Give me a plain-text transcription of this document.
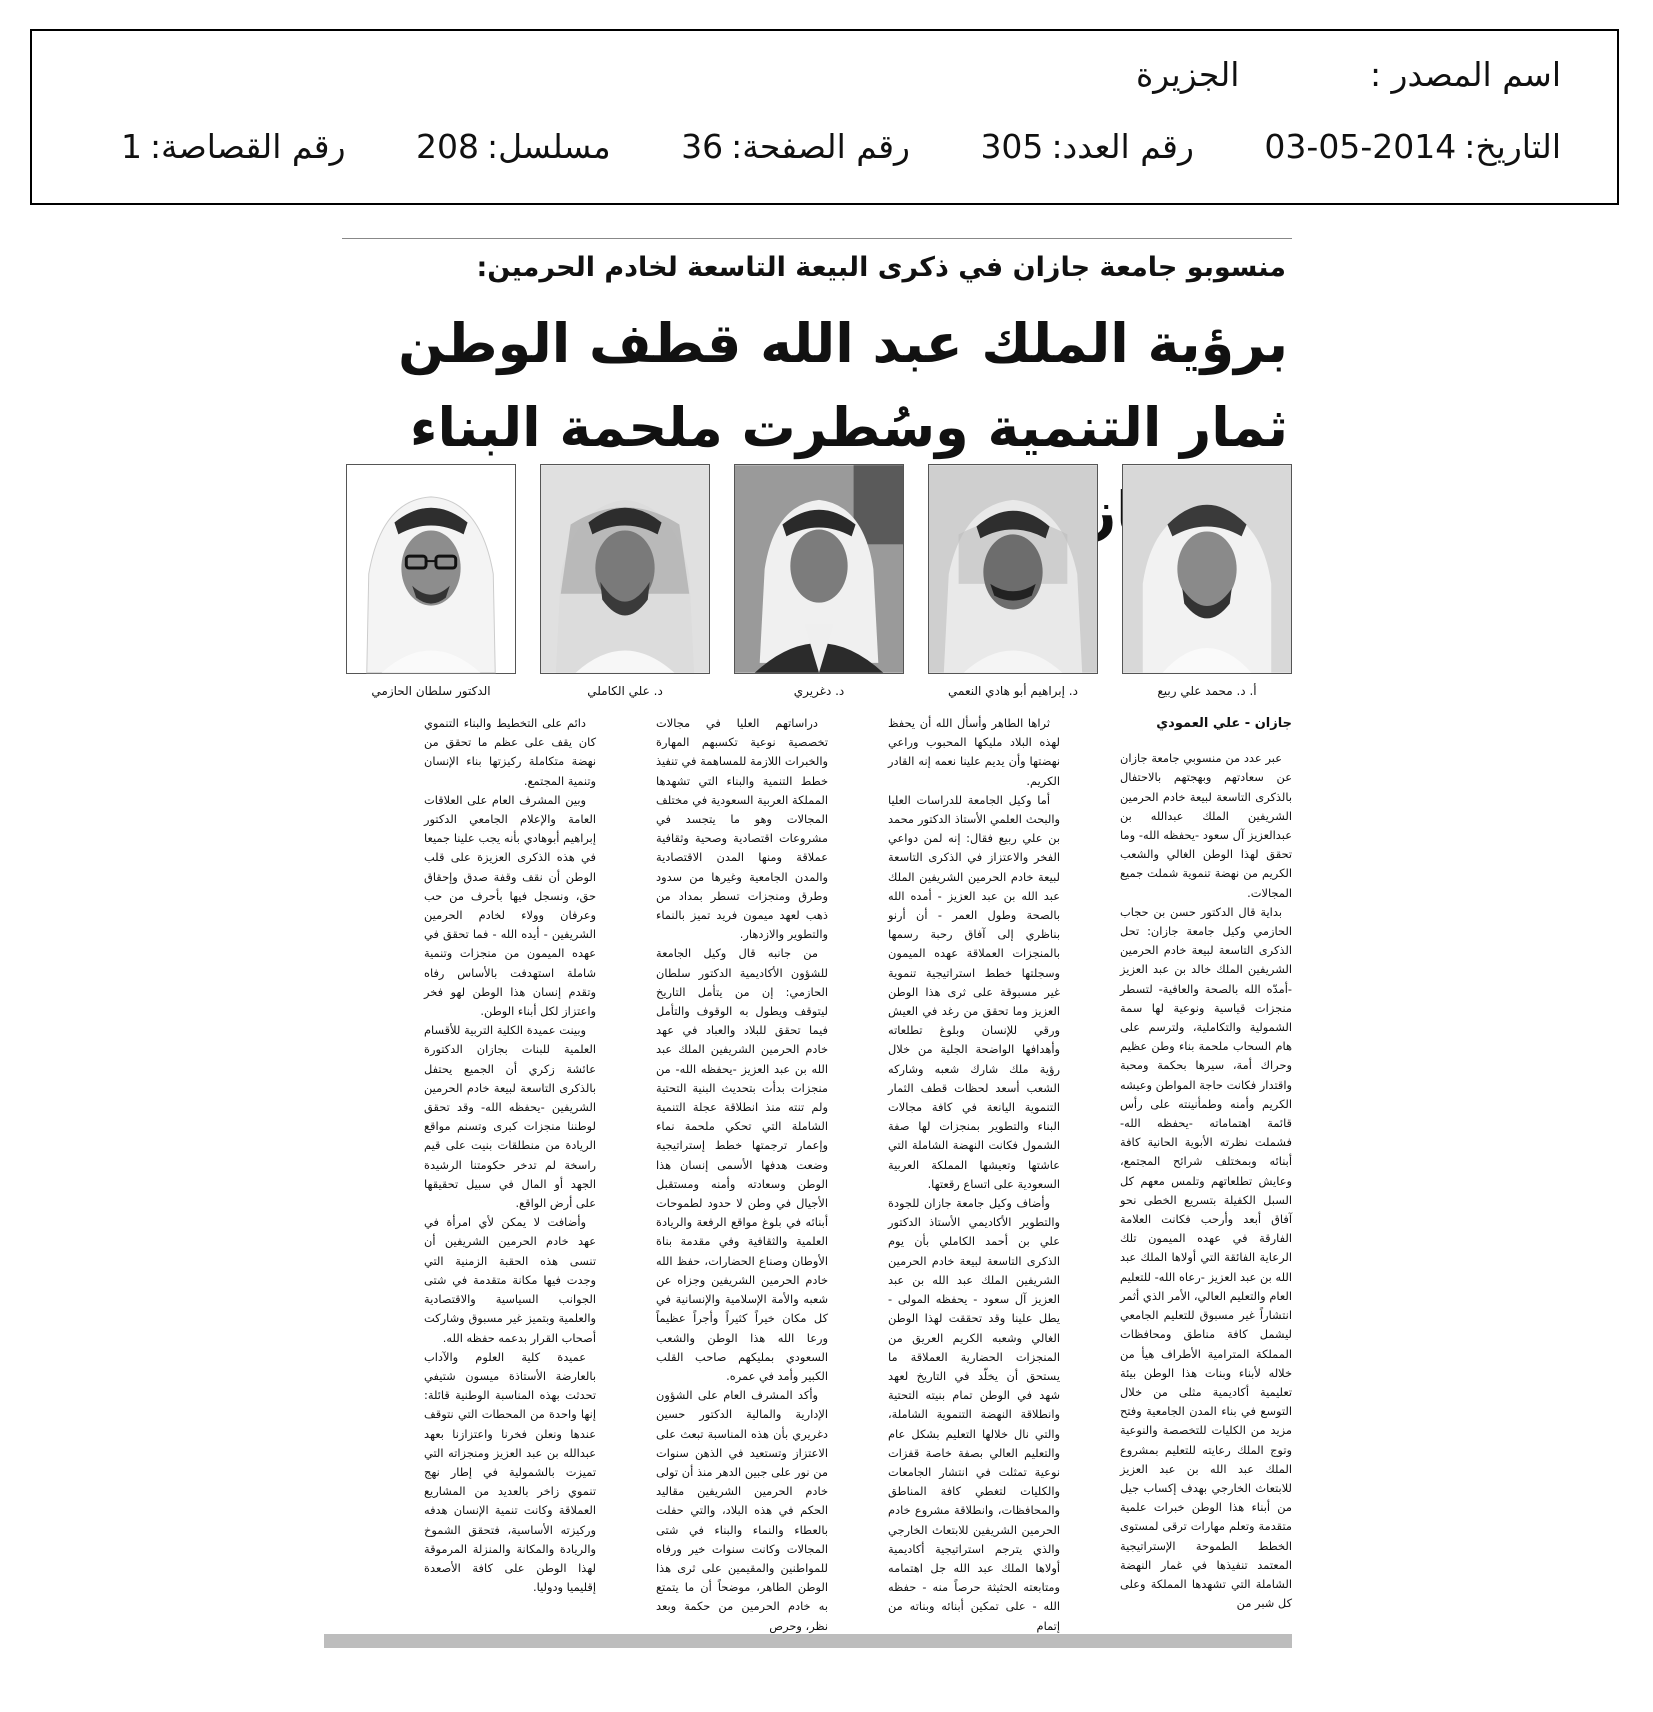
اسم المصدر : الجزيرة
التاريخ:2014-05-03 رقم العدد:305 رقم الصفحة:36 مسلسل:208 رقم القصاصة:1
منسوبو جامعة جازان في ذكرى البيعة التاسعة لخادم الحرمين:
برؤية الملك عبد الله قطف الوطن ثمار التنمية وسُطرت ملحمة البناء
أ. د. محمد علي ربيع
د. إبراهيم أبو هادي النعمي
د. دغريري
د. علي الكاملي
الدكتور سلطان الحازمي

جازان - علي العمودي

عبر عدد من منسوبي جامعة جازان عن سعادتهم وبهجتهم بالاحتفال بالذكرى التاسعة لبيعة خادم الحرمين الشريفين الملك عبدالله بن عبدالعزيز آل سعود -يحفظه الله- وما تحقق لهذا الوطن الغالي والشعب الكريم من نهضة تنموية شملت جميع المجالات.

بداية قال الدكتور حسن بن حجاب الحازمي وكيل جامعة جازان: تحل الذكرى التاسعة لبيعة خادم الحرمين الشريفين الملك خالد بن عبد العزيز -أمدّه الله بالصحة والعافية- لتسطر منجزات قياسية ونوعية لها سمة الشمولية والتكاملية، ولترسم على هام السحاب ملحمة بناء وطن عظيم وحراك أمة، سيرها بحكمة ومحبة واقتدار فكانت حاجة المواطن وعيشه الكريم وأمنه وطمأنينته على رأس قائمة اهتماماته -يحفظه الله- فشملت نظرته الأبوية الحانية كافة أبنائه وبمختلف شرائح المجتمع، وعايش تطلعاتهم وتلمس معهم كل السبل الكفيلة بتسريع الخطى نحو آفاق أبعد وأرحب فكانت العلامة الفارقة في عهده الميمون تلك الرعاية الفائقة التي أولاها الملك عبد الله بن عبد العزيز -رعاه الله- للتعليم العام والتعليم العالي، الأمر الذي أثمر انتشاراً غير مسبوق للتعليم الجامعي ليشمل كافة مناطق ومحافظات المملكة المترامية الأطراف هيأ من خلاله لأبناء وبنات هذا الوطن بيئة تعليمية أكاديمية مثلى من خلال التوسع في بناء المدن الجامعية وفتح مزيد من الكليات للتخصصة والنوعية وتوج الملك رعايته للتعليم بمشروع الملك عبد الله بن عبد العزيز للابتعاث الخارجي بهدف إكساب جيل من أبناء هذا الوطن خبرات علمية متقدمة وتعلم مهارات ترقى لمستوى الخطط الطموحة الإستراتيجية المعتمد تنفيذها في غمار النهضة الشاملة التي تشهدها المملكة وعلى كل شبر من

ثراها الطاهر وأسأل الله أن يحفظ لهذه البلاد مليكها المحبوب وراعي نهضتها وأن يديم علينا نعمه إنه القادر الكريم.

أما وكيل الجامعة للدراسات العليا والبحث العلمي الأستاذ الدكتور محمد بن علي ربيع فقال: إنه لمن دواعي الفخر والاعتزاز في الذكرى التاسعة لبيعة خادم الحرمين الشريفين الملك عبد الله بن عبد العزيز - أمده الله بالصحة وطول العمر - أن أرنو بناظري إلى آفاق رحبة رسمها بالمنجزات العملاقة عهده الميمون وسجلتها خطط استراتيجية تنموية غير مسبوقة على ثرى هذا الوطن العزيز وما تحقق من رغد في العيش ورقي للإنسان وبلوغ تطلعاته وأهدافها الواضحة الجلية من خلال رؤية ملك شارك شعبه وشاركه الشعب أسعد لحظات قطف الثمار التنموية اليانعة في كافة مجالات البناء والتطوير بمنجزات لها صفة الشمول فكانت النهضة الشاملة التي عاشتها وتعيشها المملكة العربية السعودية على اتساع رقعتها.

وأضاف وكيل جامعة جازان للجودة والتطوير الأكاديمي الأستاذ الدكتور علي بن أحمد الكاملي بأن يوم الذكرى التاسعة لبيعة خادم الحرمين الشريفين الملك عبد الله بن عبد العزيز آل سعود - يحفظه المولى - يطل علينا وقد تحققت لهذا الوطن الغالي وشعبه الكريم العريق من المنجزات الحضارية العملاقة ما يستحق أن يخلّد في التاريخ لعهد شهد في الوطن تمام بنيته التحتية وانطلاقة النهضة التنموية الشاملة، والتي نال خلالها التعليم بشكل عام والتعليم العالي بصفة خاصة قفزات نوعية تمثلت في انتشار الجامعات والكليات لتغطي كافة المناطق والمحافظات، وانطلاقة مشروع خادم الحرمين الشريفين للابتعاث الخارجي والذي يترجم استراتيجية أكاديمية أولاها الملك عبد الله جل اهتمامه ومتابعته الحثيثة حرصاً منه - حفظه الله - على تمكين أبنائه وبناته من إتمام

دراساتهم العليا في مجالات تخصصية نوعية تكسبهم المهارة والخبرات اللازمة للمساهمة في تنفيذ خطط التنمية والبناء التي تشهدها المملكة العربية السعودية في مختلف المجالات وهو ما يتجسد في مشروعات اقتصادية وصحية وثقافية عملاقة ومنها المدن الاقتصادية والمدن الجامعية وغيرها من سدود وطرق ومنجزات تسطر بمداد من ذهب لعهد ميمون فريد تميز بالنماء والتطوير والازدهار.

من جانبه قال وكيل الجامعة للشؤون الأكاديمية الدكتور سلطان الحازمي: إن من يتأمل التاريخ ليتوقف ويطول به الوقوف والتأمل فيما تحقق للبلاد والعباد في عهد خادم الحرمين الشريفين الملك عبد الله بن عبد العزيز -يحفظه الله- من منجزات بدأت بتحديث البنية التحتية ولم تنته منذ انطلاقة عجلة التنمية الشاملة التي تحكي ملحمة نماء وإعمار ترجمتها خطط إستراتيجية وضعت هدفها الأسمى إنسان هذا الوطن وسعادته وأمنه ومستقبل الأجيال في وطن لا حدود لطموحات أبنائه في بلوغ مواقع الرفعة والريادة العلمية والثقافية وفي مقدمة بناة الأوطان وصناع الحضارات، حفظ الله خادم الحرمين الشريفين وجزاه عن شعبه والأمة الإسلامية والإنسانية في كل مكان خيراً كثيراً وأجراً عظيماً ورعا الله هذا الوطن والشعب السعودي بمليكهم صاحب القلب الكبير وأمد في عمره.

وأكد المشرف العام على الشؤون الإدارية والمالية الدكتور حسين دغريري بأن هذه المناسبة تبعث على الاعتزاز وتستعيد في الذهن سنوات من نور على جبين الدهر منذ أن تولى خادم الحرمين الشريفين مقاليد الحكم في هذه البلاد، والتي حفلت بالعطاء والنماء والبناء في شتى المجالات وكانت سنوات خير ورفاه للمواطنين والمقيمين على ثرى هذا الوطن الطاهر، موضحاً أن ما يتمتع به خادم الحرمين من حكمة وبعد نظر، وحرص

دائم على التخطيط والبناء التنموي كان يقف على عظم ما تحقق من نهضة متكاملة ركيزتها بناء الإنسان وتنمية المجتمع.

وبين المشرف العام على العلاقات العامة والإعلام الجامعي الدكتور إبراهيم أبوهادي بأنه يجب علينا جميعا في هذه الذكرى العزيزة على قلب الوطن أن نقف وقفة صدق وإحقاق حق، ونسجل فيها بأحرف من حب وعرفان وولاء لخادم الحرمين الشريفين - أيده الله - فما تحقق في عهده الميمون من منجزات وتنمية شاملة استهدفت بالأساس رفاه وتقدم إنسان هذا الوطن لهو فخر واعتزاز لكل أبناء الوطن.

وبينت عميدة الكلية التربية للأقسام العلمية للبنات بجازان الدكتورة عائشة زكري أن الجميع يحتفل بالذكرى التاسعة لبيعة خادم الحرمين الشريفين -يحفظه الله- وقد تحقق لوطننا منجزات كبرى وتسنم مواقع الريادة من منطلقات بنيت على قيم راسخة لم تدخر حكومتنا الرشيدة الجهد أو المال في سبيل تحقيقها على أرض الواقع.

وأضافت لا يمكن لأي امرأة في عهد خادم الحرمين الشريفين أن تنسى هذه الحقبة الزمنية التي وجدت فيها مكانة متقدمة في شتى الجوانب السياسية والاقتصادية والعلمية وبتميز غير مسبوق وشاركت أصحاب القرار بدعمه حفظه الله.

عميدة كلية العلوم والآداب بالعارضة الأستاذة ميسون شتيفي تحدثت بهذه المناسبة الوطنية قائلة: إنها واحدة من المحطات التي نتوقف عندها ونعلن فخرنا واعتزازنا بعهد عبدالله بن عبد العزيز ومنجزاته التي تميزت بالشمولية في إطار نهج تنموي زاخر بالعديد من المشاريع العملاقة وكانت تنمية الإنسان هدفه وركيزته الأساسية، فتحقق الشموخ والريادة والمكانة والمنزلة المرموقة لهذا الوطن على كافة الأصعدة إقليميا ودوليا.
